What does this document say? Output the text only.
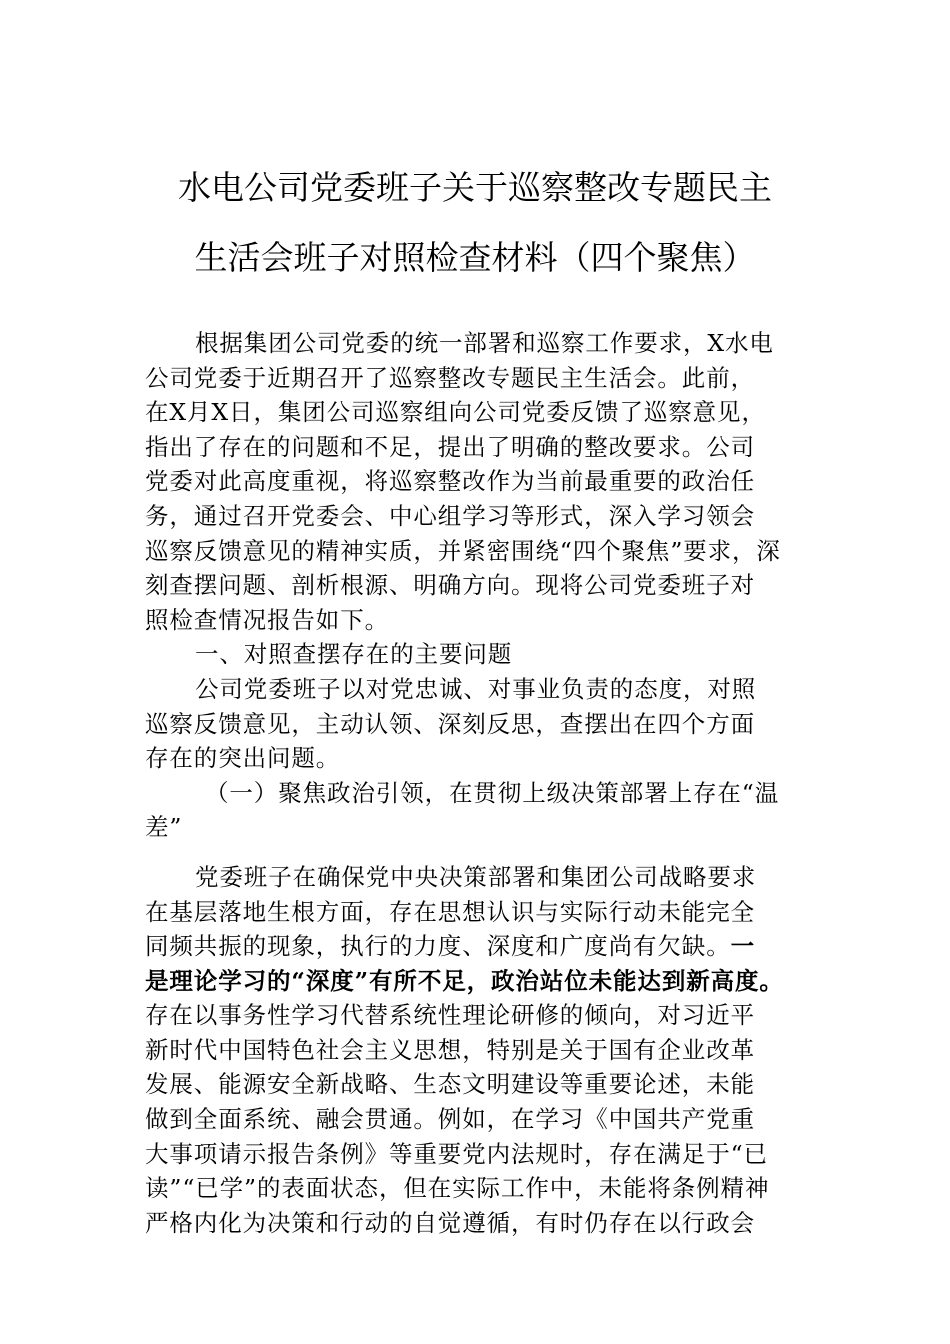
水电公司党委班子关于巡察整改专题民主
生活会班子对照检查材料（四个聚焦）
根据集团公司党委的统一部署和巡察工作要求，X水电
公司党委于近期召开了巡察整改专题民主生活会。此前，
在X月X日，集团公司巡察组向公司党委反馈了巡察意见，
指出了存在的问题和不足，提出了明确的整改要求。公司
党委对此高度重视，将巡察整改作为当前最重要的政治任
务，通过召开党委会、中心组学习等形式，深入学习领会
巡察反馈意见的精神实质，并紧密围绕“四个聚焦”要求，深
刻查摆问题、剖析根源、明确方向。现将公司党委班子对
照检查情况报告如下。
一、对照查摆存在的主要问题
公司党委班子以对党忠诚、对事业负责的态度，对照
巡察反馈意见，主动认领、深刻反思，查摆出在四个方面
存在的突出问题。
（一）聚焦政治引领，在贯彻上级决策部署上存在“温
差”
党委班子在确保党中央决策部署和集团公司战略要求
在基层落地生根方面，存在思想认识与实际行动未能完全
同频共振的现象，执行的力度、深度和广度尚有欠缺。一
是理论学习的“深度”有所不足，政治站位未能达到新高度。
存在以事务性学习代替系统性理论研修的倾向，对习近平
新时代中国特色社会主义思想，特别是关于国有企业改革
发展、能源安全新战略、生态文明建设等重要论述，未能
做到全面系统、融会贯通。例如，在学习《中国共产党重
大事项请示报告条例》等重要党内法规时，存在满足于“已
读”“已学”的表面状态，但在实际工作中，未能将条例精神
严格内化为决策和行动的自觉遵循，有时仍存在以行政会
